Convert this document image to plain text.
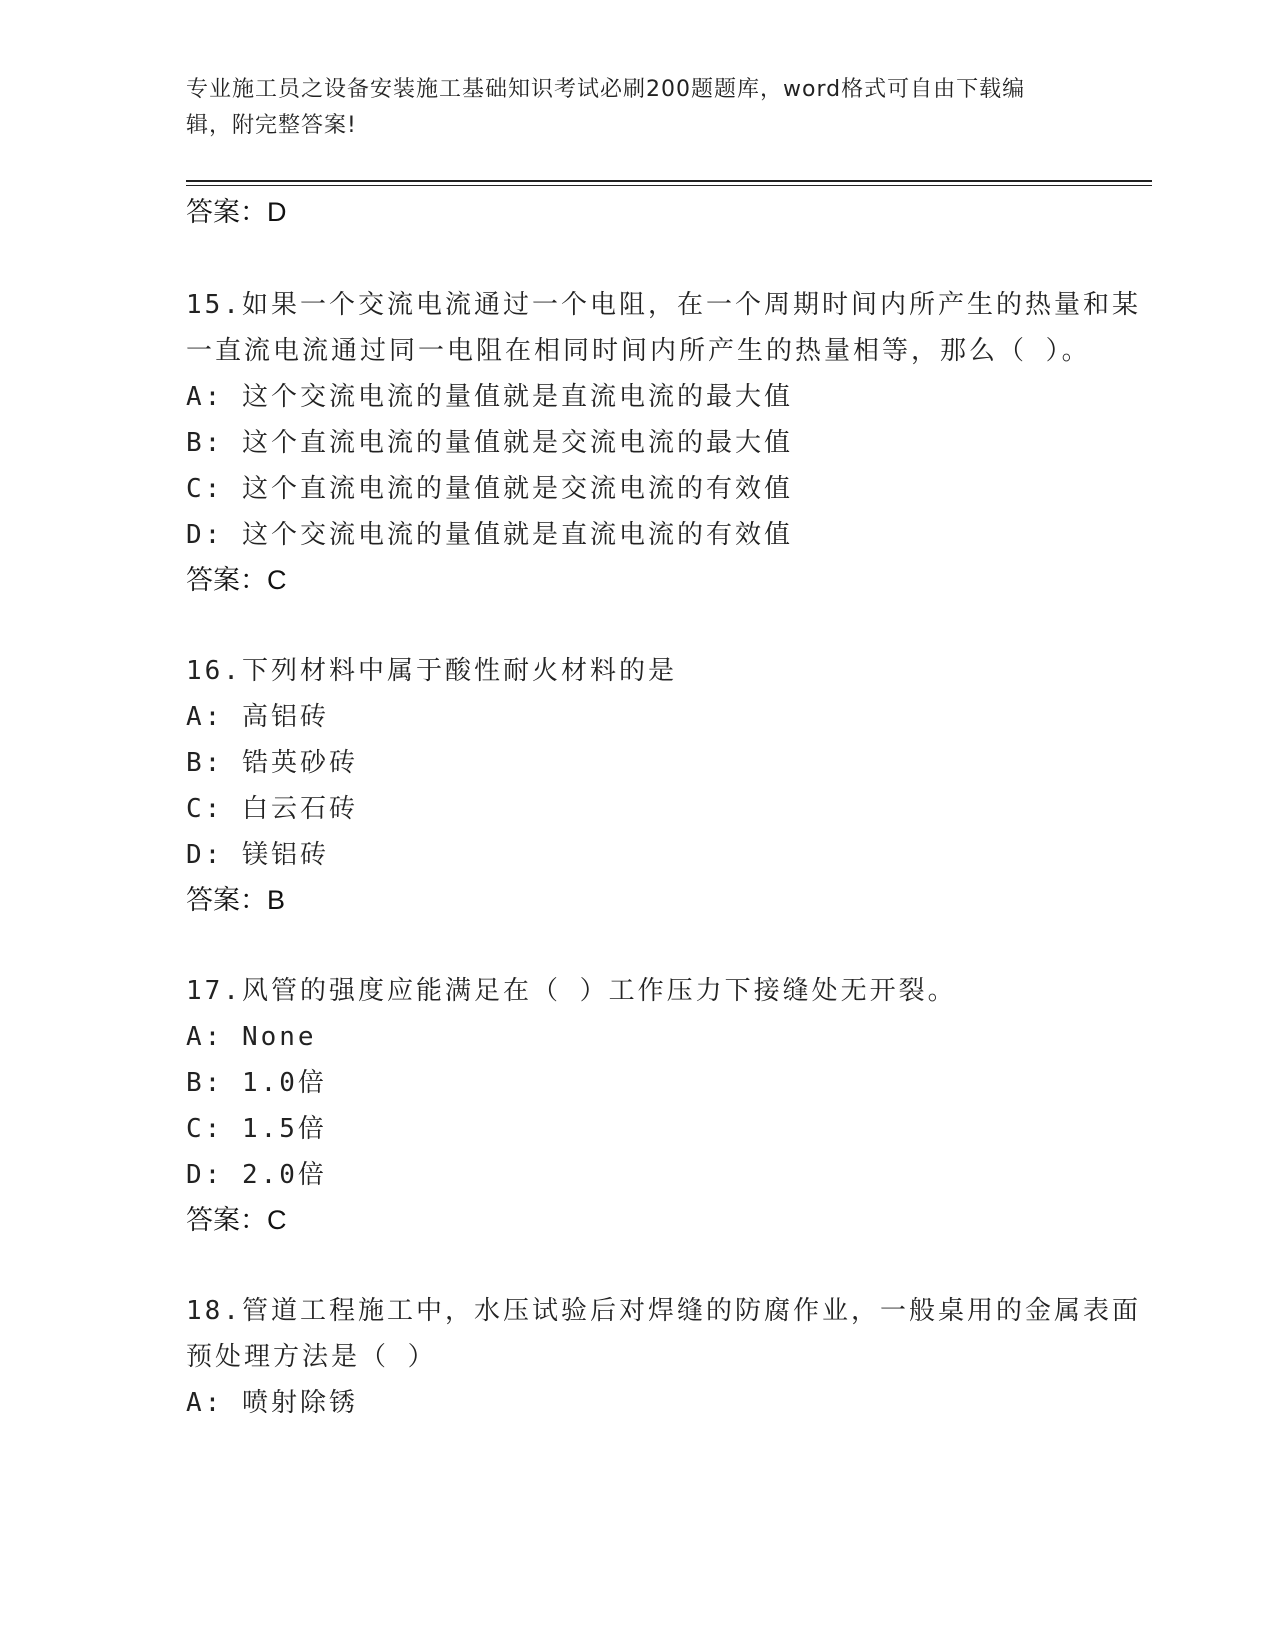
专业施工员之设备安装施工基础知识考试必刷200题题库，word格式可自由下载编辑，附完整答案!
答案：D
15.如果一个交流电流通过一个电阻，在一个周期时间内所产生的热量和某一直流电流通过同一电阻在相同时间内所产生的热量相等，那么（ ）。
A: 这个交流电流的量值就是直流电流的最大值
B: 这个直流电流的量值就是交流电流的最大值
C: 这个直流电流的量值就是交流电流的有效值
D: 这个交流电流的量值就是直流电流的有效值
答案：C
16.下列材料中属于酸性耐火材料的是
A: 高铝砖
B: 锆英砂砖
C: 白云石砖
D: 镁铝砖
答案：B
17.风管的强度应能满足在（ ）工作压力下接缝处无开裂。
A: None
B: 1.0倍
C: 1.5倍
D: 2.0倍
答案：C
18.管道工程施工中，水压试验后对焊缝的防腐作业，一般桌用的金属表面预处理方法是（ ）
A: 喷射除锈
